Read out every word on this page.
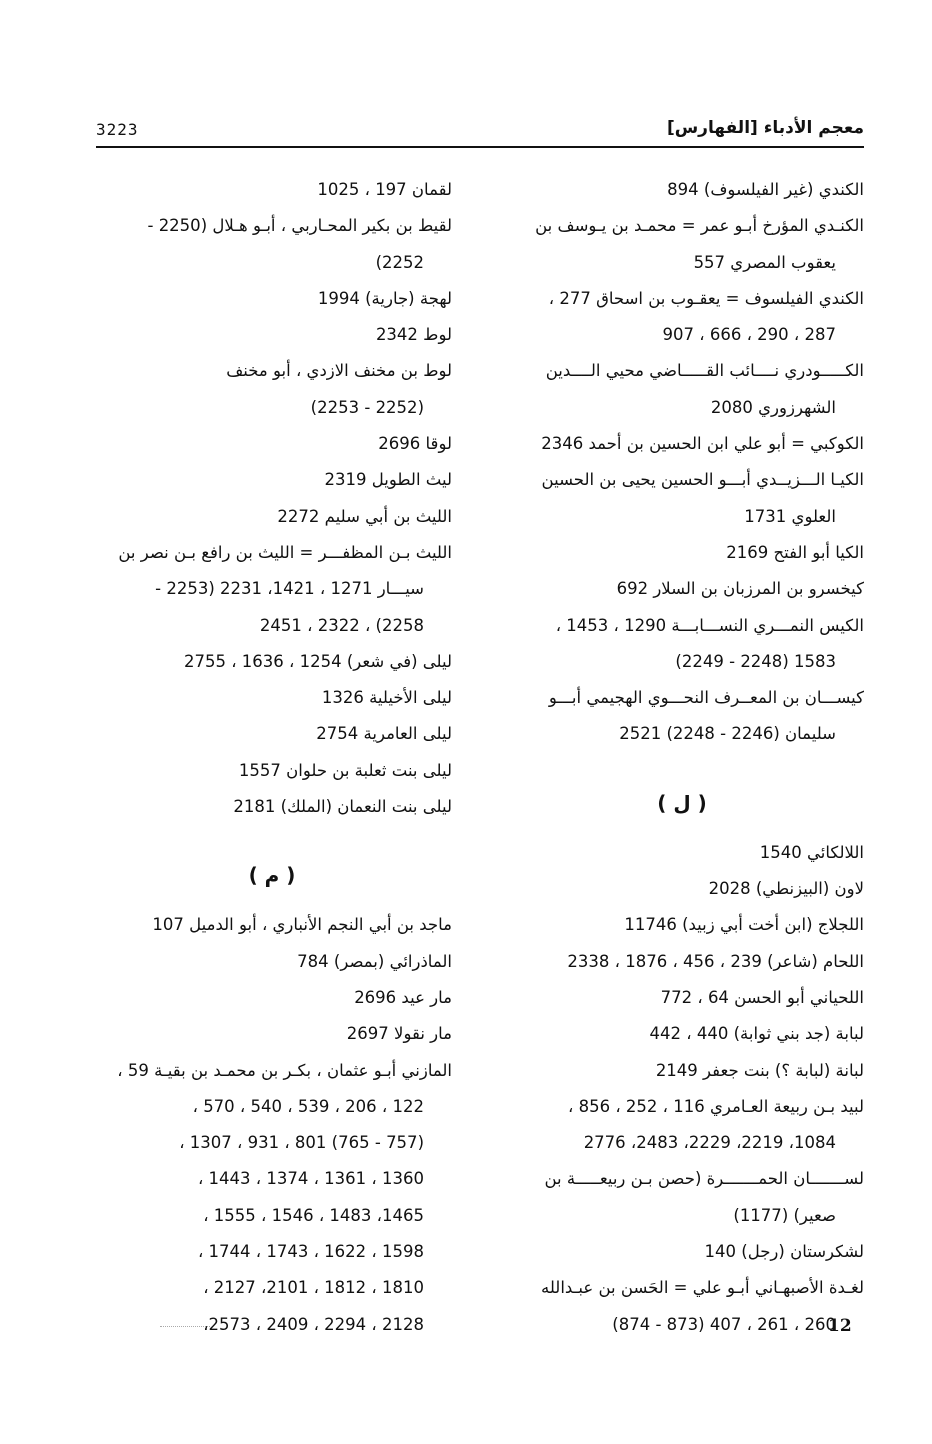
معجم الأدباء [الفهارس]
3223
الكندي (غير الفيلسوف) 894
الكنـدي المؤرخ أبـو عمر = محمـد بن يـوسف بن
يعقوب المصري 557
الكندي الفيلسوف = يعقـوب بن اسحاق 277 ،
287 ، 290 ، 666 ، 907
الكـــــودري نــــائب القـــــاضي محيي الــــدين
الشهرزوري 2080
الكوكبي = أبو علي ابن الحسين بن أحمد 2346
الكيـا الـــزيــدي أبـــو الحسين يحيى بن الحسين
العلوي 1731
الكيا أبو الفتح 2169
كيخسرو بن المرزبان بن السلار 692
الكيس النمـــري النســـابـــة 1290 ، 1453 ،
1583 (2248 - 2249)
كيســـان بن المعــرف النحـــوي الهجيمي أبـــو
سليمان (2246 - 2248) 2521
( ل )
اللالكائي 1540
لاون (البيزنطي) 2028
اللجلاج (ابن أخت أبي زبيد) 11746
اللحام (شاعر) 239 ، 456 ، 1876 ، 2338
اللحياني أبو الحسن 64 ، 772
لبابة (جد بني ثوابة) 440 ، 442
لبانة (لبابة ؟) بنت جعفر 2149
لبيد بـن ربيعة العـامري 116 ، 252 ، 856 ،
1084، 2219، 2229، 2483، 2776
لســـــــان الحمـــــــرة (حصن بـن ربيعـــــة بن
صعير) (1177)
لشكرستان (رجل) 140
لغـدة الأصبهـاني أبـو علي = الحَسن بن عبـدالله
260 ، 261 ، 407 (873 - 874)
لقمان 197 ، 1025
لقيط بن بكير المحـاربي ، أبـو هـلال (2250 -
2252)
لهجة (جارية) 1994
لوط 2342
لوط بن مخنف الازدي ، أبو مخنف
(2252 - 2253)
لوقا 2696
ليث الطويل 2319
الليث بن أبي سليم 2272
الليث بـن المظفـــر = الليث بن رافع بـن نصر بن
سيـــار 1271 ، 1421، 2231 (2253 -
2258) ، 2322 ، 2451
ليلى (في شعر) 1254 ، 1636 ، 2755
ليلى الأخيلية 1326
ليلى العامرية 2754
ليلى بنت ثعلبة بن حلوان 1557
ليلى بنت النعمان (الملك) 2181
( م )
ماجد بن أبي النجم الأنباري ، أبو الدميل 107
الماذرائي (بمصر) 784
مار عيد 2696
مار نقولا 2697
المازني أبـو عثمان ، بكـر بن محمـد بن بقيـة 59 ،
122 ، 206 ، 539 ، 540 ، 570 ،
(757 - 765) 801 ، 931 ، 1307 ،
1360 ، 1361 ، 1374 ، 1443 ،
1465، 1483 ، 1546 ، 1555 ،
1598 ، 1622 ، 1743 ، 1744 ،
1810 ، 1812 ، 2101، 2127 ،
2128 ، 2294 ، 2409 ، 2573،	12
